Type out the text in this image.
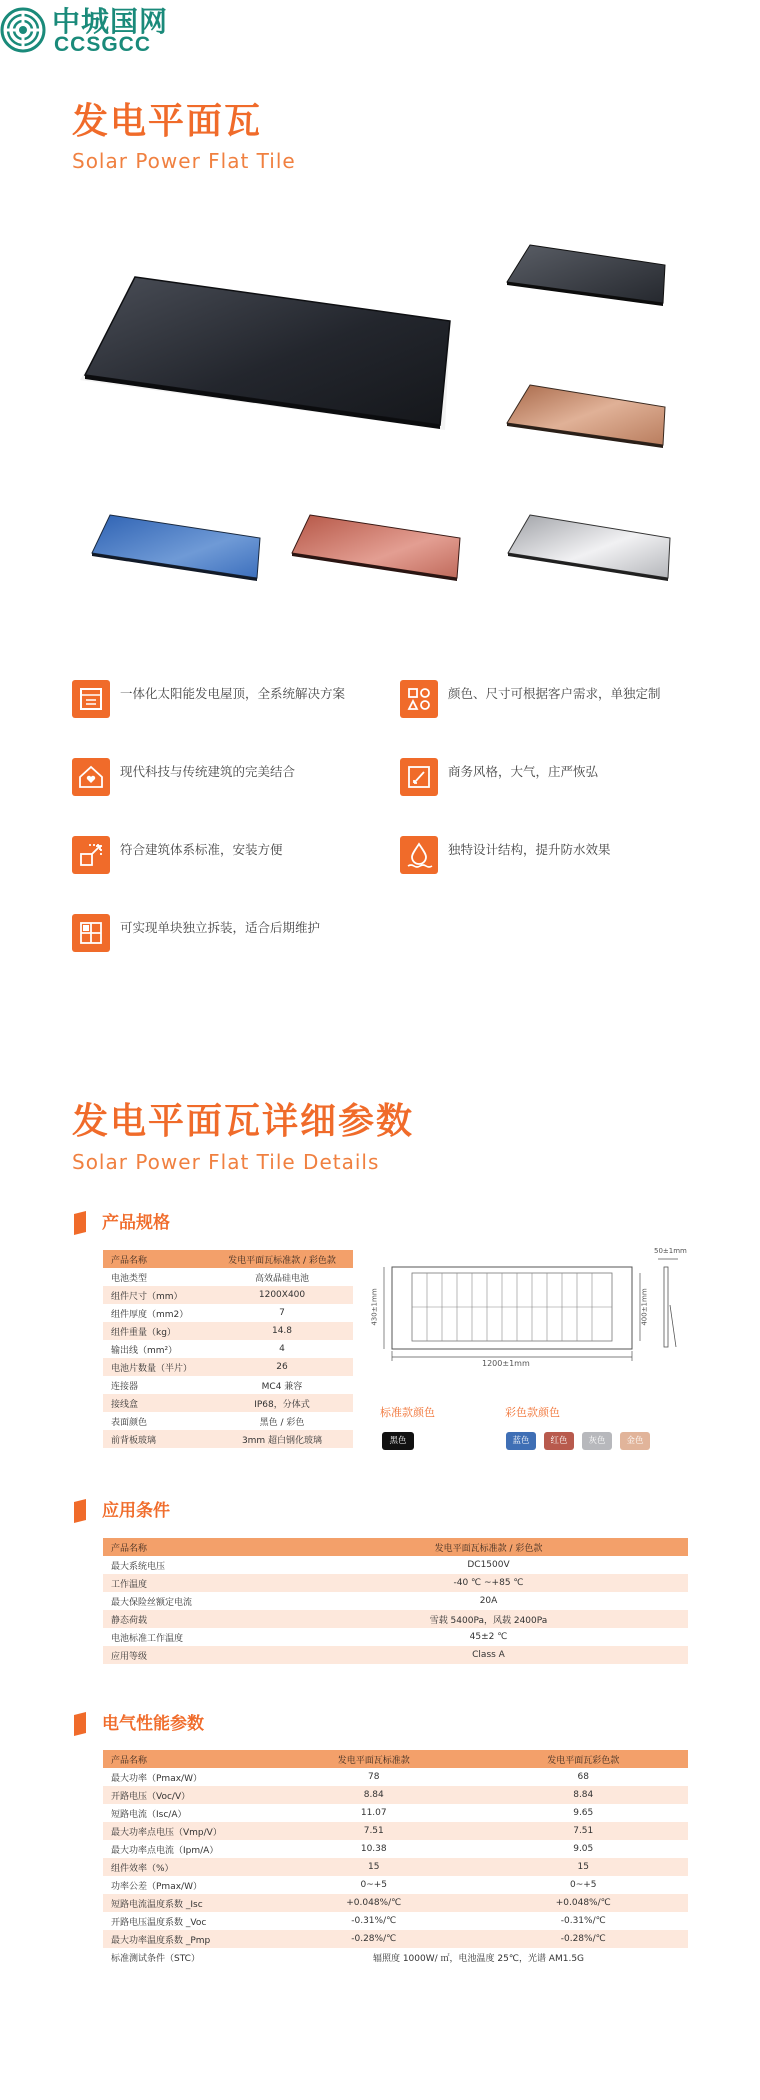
中城国网
CCSGCC
发电平面瓦
Solar Power Flat Tile
一体化太阳能发电屋顶，全系统解决方案	颜色、尺寸可根据客户需求，单独定制
现代科技与传统建筑的完美结合	商务风格，大气，庄严恢弘
符合建筑体系标准，安装方便	独特设计结构，提升防水效果
可实现单块独立拆装，适合后期维护
发电平面瓦详细参数
Solar Power Flat Tile Details
产品规格
产品名称	发电平面瓦标准款 / 彩色款
电池类型	高效晶硅电池
组件尺寸（mm）	1200X400
组件厚度（mm2）	7
组件重量（kg）	14.8
输出线（mm²）	4
电池片数量（半片）	26
连接器	MC4 兼容
接线盒	IP68，分体式
表面颜色	黑色 / 彩色
前背板玻璃	3mm 超白钢化玻璃
1200±1mm
430±1mm	400±1mm
50±1mm
标准款颜色
黑色
彩色款颜色
蓝色	红色	灰色	金色
应用条件
产品名称	发电平面瓦标准款 / 彩色款
最大系统电压	DC1500V
工作温度	-40 ℃ ~+85 ℃
最大保险丝额定电流	20A
静态荷载	雪载 5400Pa，风载 2400Pa
电池标准工作温度	45±2 ℃
应用等级	Class A
电气性能参数
产品名称	发电平面瓦标准款	发电平面瓦彩色款
最大功率（Pmax/W）	78	68
开路电压（Voc/V）	8.84	8.84
短路电流（Isc/A）	11.07	9.65
最大功率点电压（Vmp/V）	7.51	7.51
最大功率点电流（Ipm/A）	10.38	9.05
组件效率（%）	15	15
功率公差（Pmax/W）	0~+5	0~+5
短路电流温度系数 _Isc	+0.048%/℃	+0.048%/℃
开路电压温度系数 _Voc	-0.31%/℃	-0.31%/℃
最大功率温度系数 _Pmp	-0.28%/℃	-0.28%/℃
标准测试条件（STC）	辐照度 1000W/ ㎡，电池温度 25℃，光谱 AM1.5G	
